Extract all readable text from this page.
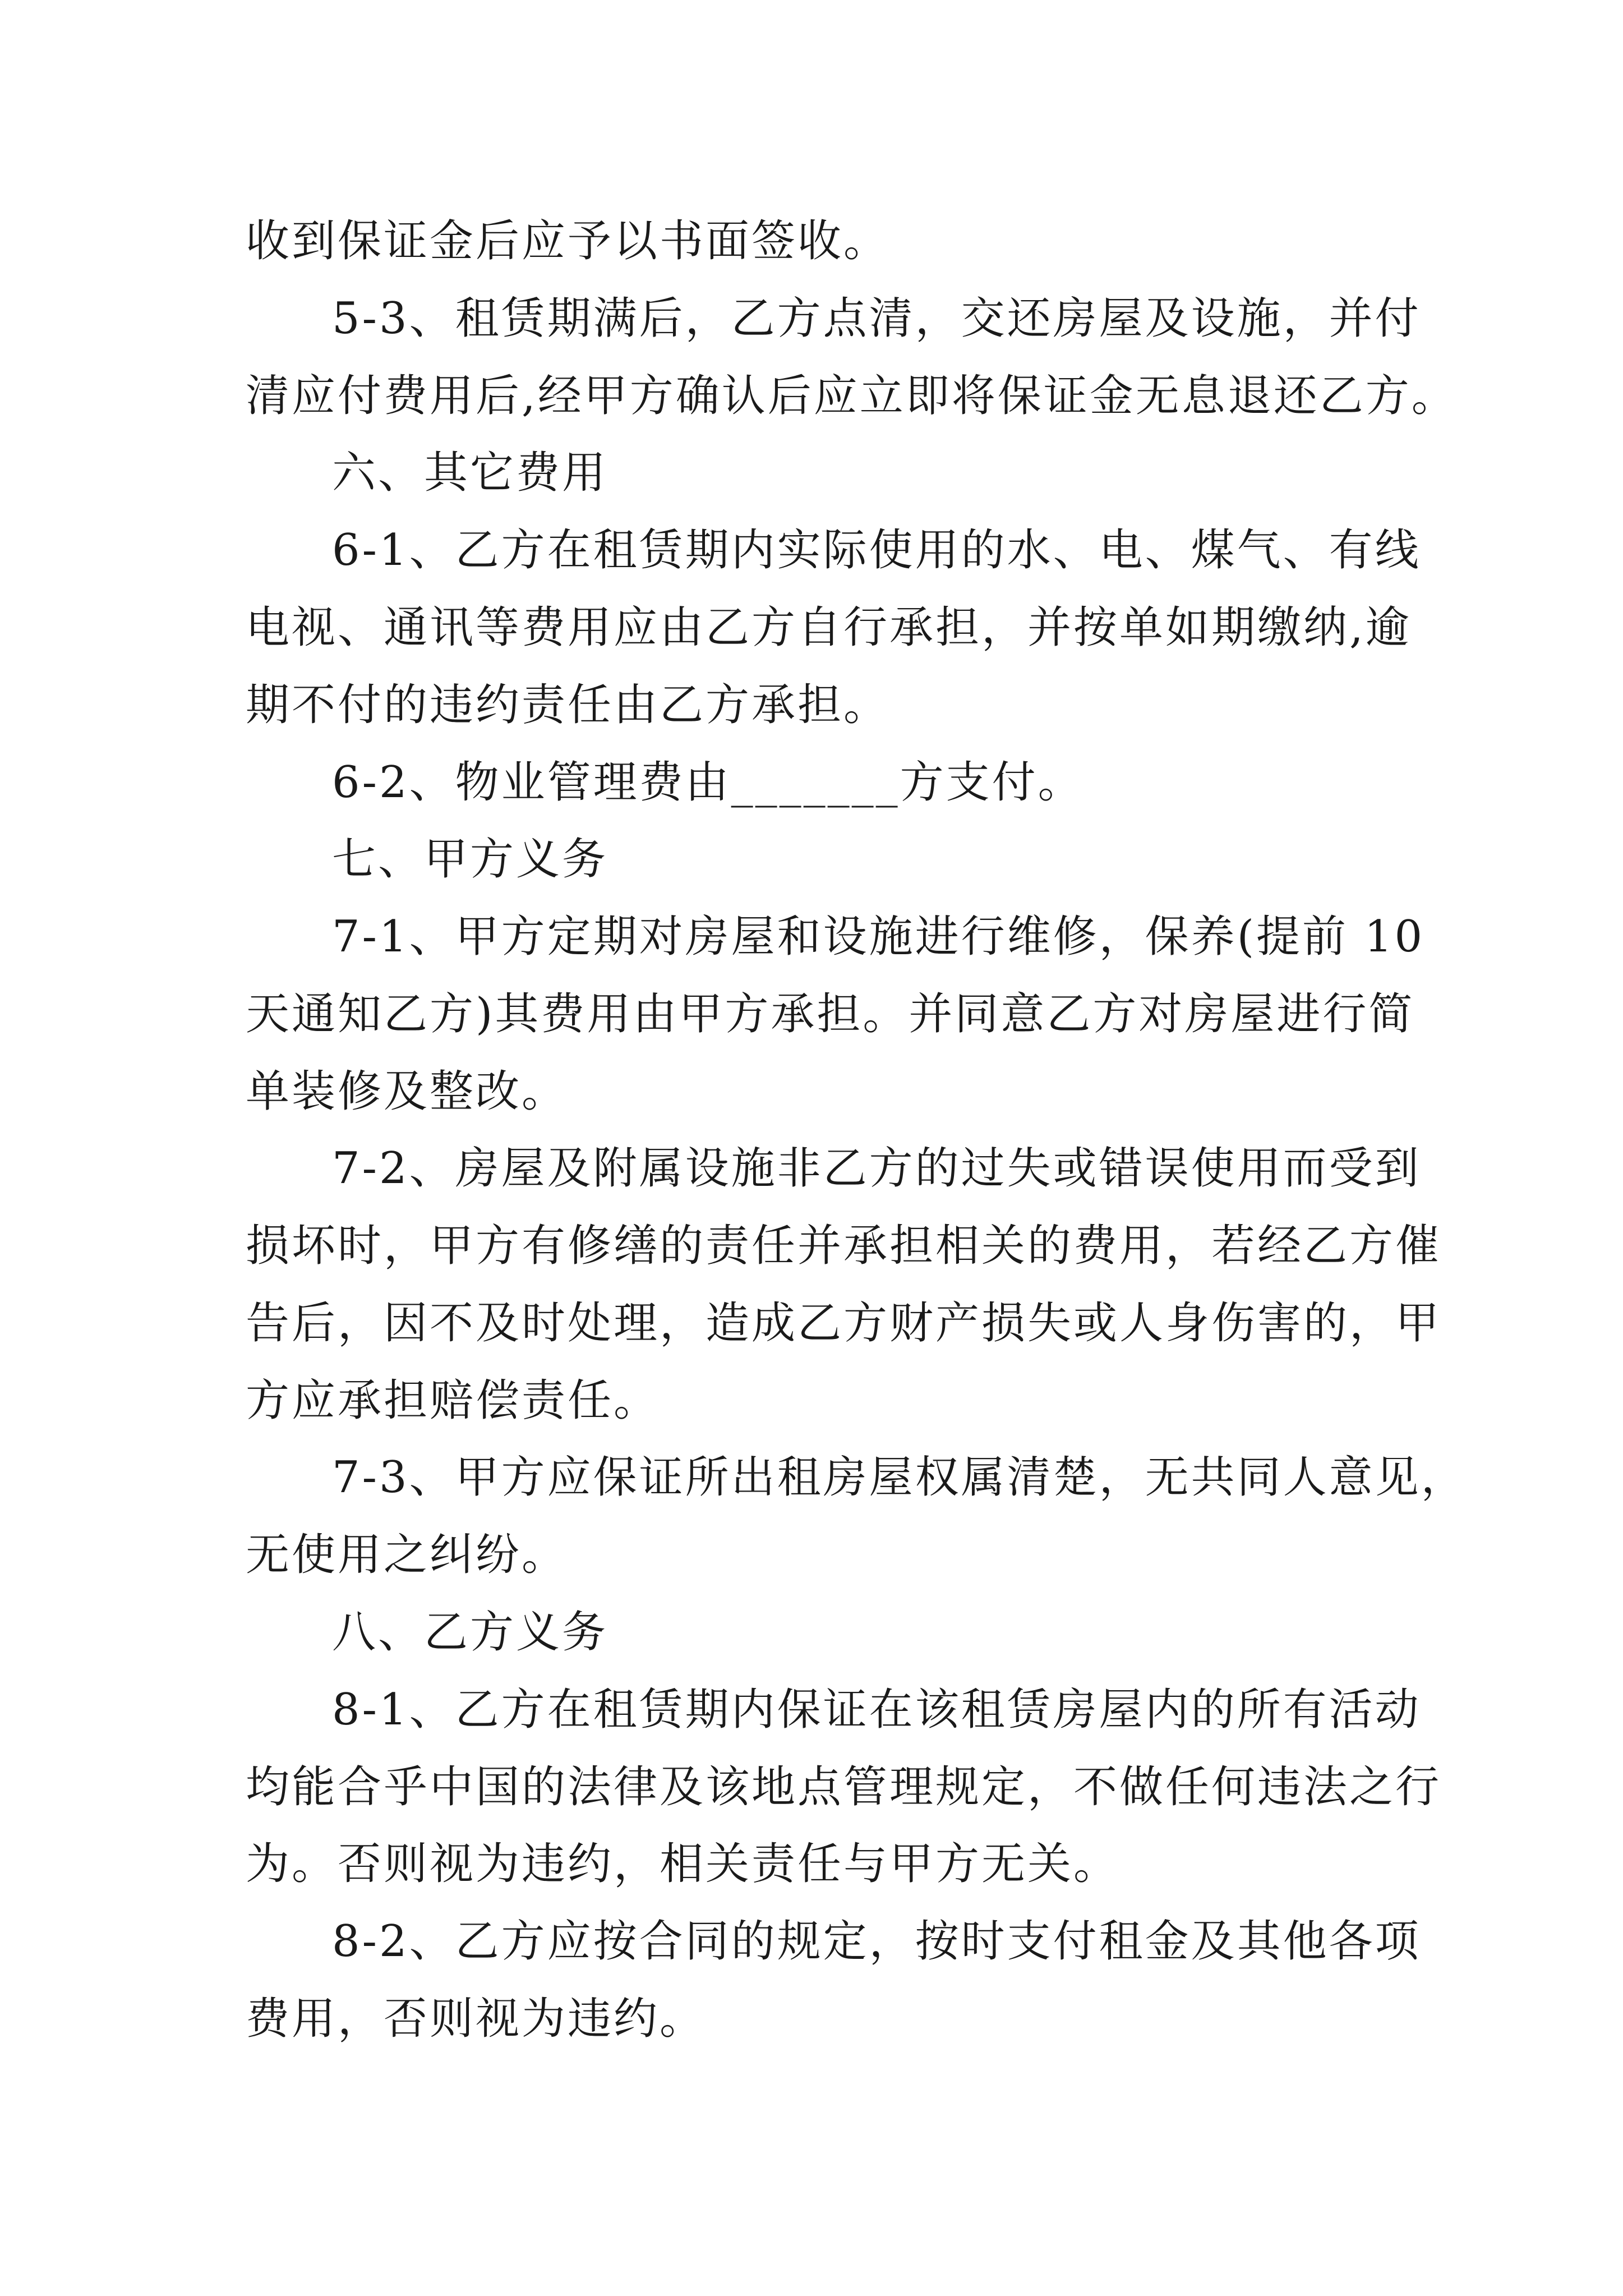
收到保证金后应予以书面签收。

5-3、租赁期满后，乙方点清，交还房屋及设施，并付

清应付费用后,经甲方确认后应立即将保证金无息退还乙方。

六、其它费用

6-1、乙方在租赁期内实际使用的水、电、煤气、有线

电视、通讯等费用应由乙方自行承担，并按单如期缴纳,逾

期不付的违约责任由乙方承担。

6-2、物业管理费由_______方支付。

七、甲方义务

7-1、甲方定期对房屋和设施进行维修，保养(提前 10

天通知乙方)其费用由甲方承担。并同意乙方对房屋进行简

单装修及整改。

7-2、房屋及附属设施非乙方的过失或错误使用而受到

损坏时，甲方有修缮的责任并承担相关的费用，若经乙方催

告后，因不及时处理，造成乙方财产损失或人身伤害的，甲

方应承担赔偿责任。

7-3、甲方应保证所出租房屋权属清楚，无共同人意见，

无使用之纠纷。

八、乙方义务

8-1、乙方在租赁期内保证在该租赁房屋内的所有活动

均能合乎中国的法律及该地点管理规定，不做任何违法之行

为。否则视为违约，相关责任与甲方无关。

8-2、乙方应按合同的规定，按时支付租金及其他各项

费用，否则视为违约。
